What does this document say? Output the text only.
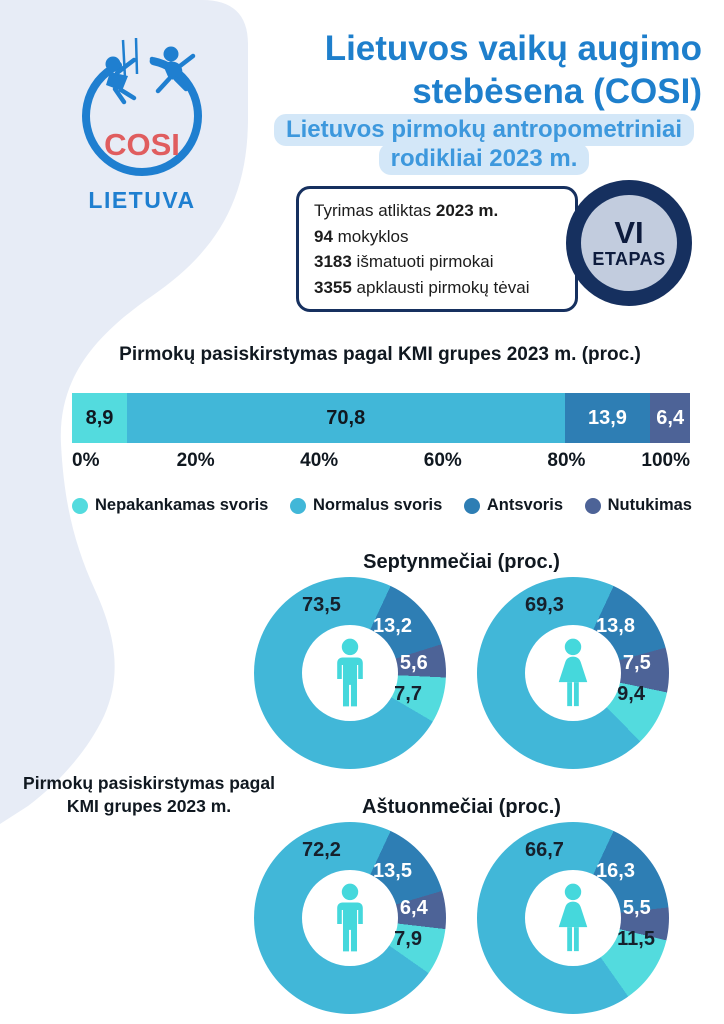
COSI
LIETUVA
Lietuvos vaikų augimo
stebėsena (COSI)
Lietuvos pirmokų antropometriniai
rodikliai 2023 m.
Tyrimas atliktas 2023 m.
94 mokyklos
3183 išmatuoti pirmokai
3355 apklausti pirmokų tėvai
VI
ETAPAS
Pirmokų pasiskirstymas pagal KMI grupes 2023 m. (proc.)
8,9	70,8	13,9 6,4
0%	20%	40%	60%	80%	100%
Nepakankamas svoris	Normalus svoris	Antsvoris	Nutukimas
Septynmečiai (proc.)
73,5
13,2
5,6
7,7
69,3
13,8
7,5
9,4
Pirmokų pasiskirstymas pagal
KMI grupes 2023 m.	Aštuonmečiai (proc.)
72,2
13,5
6,4
7,9
66,7
16,3
5,5
11,5
